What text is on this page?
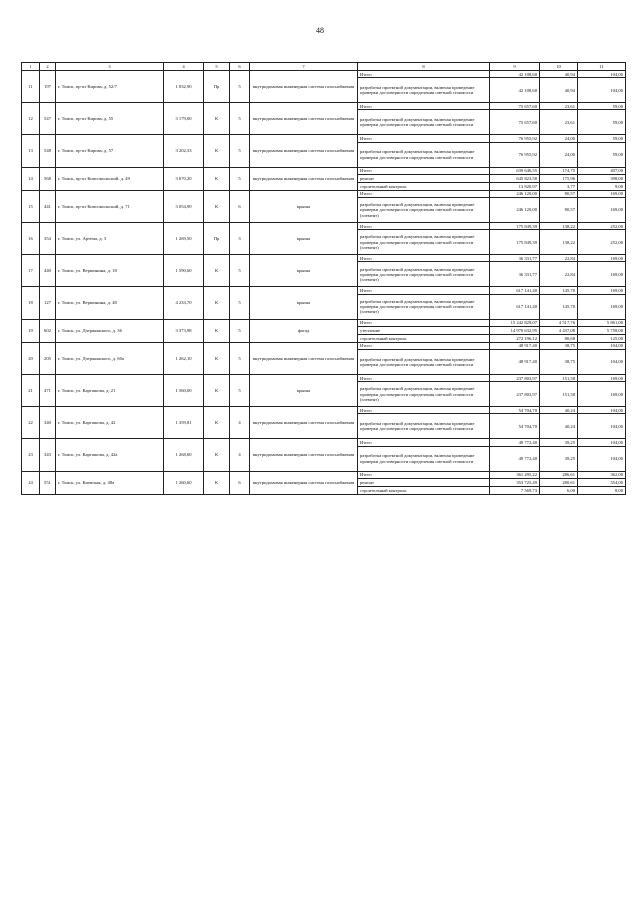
48
1	2	3	4	5	6	7	8	9	10	11
11	197	г. Томск, пр-кт Кирова, д. 52/7	1 032,90	Пр	5	внутридомовая инженерная система газоснабжения	Итого	42 108,60	40,94	104,00
							разработка проектной документации, включая проведение проверки достоверности определения сметной стоимости	42 108,60	40,94	104,00
12	547	г. Томск, пр-кт Кирова, д. 55	3 179,00	К	5	внутридомовая инженерная система газоснабжения	Итого	75 657,60	23,61	59,00
							разработка проектной документации, включая проведение проверки достоверности определения сметной стоимости	75 657,60	23,61	59,00
13	548	г. Томск, пр-кт Кирова, д. 57	3 202,33	К	5	внутридомовая инженерная система газоснабжения	Итого	76 955,92	24,00	59,00
							разработка проектной документации, включая проведение проверки достоверности определения сметной стоимости	76 955,92	24,00	59,00
14	568	г. Томск, пр-кт Комсомольский, д. 49	3 670,20	К	5	внутридомовая инженерная система газоснабжения	Итого	639 646,55	174,75	407,00
							ремонт	645 823,58	175,96	398,00
							строительный контроль	13 820,97	3,77	9,00
15	441	г. Томск, пр-кт Комсомольский, д. 71	3 054,90	К	6	крыша	Итого	246 120,00	80,57	169,00
							разработка проектной документации, включая проведение проверки достоверности определения сметной стоимости (элемент)	246 120,00	80,57	169,00
16	354	г. Томск, ул. Артема, д. 3	1 269,50	Пр	3	крыша	Итого	175 849,39	138,22	252,00
							разработка проектной документации, включая проведение проверки достоверности определения сметной стоимости (элемент)	175 849,39	138,22	252,00
17	440	г. Томск, ул. Вершинина, д. 18	1 590,60	К	5	крыша	Итого	36 331,77	22,84	169,00
							разработка проектной документации, включая проведение проверки достоверности определения сметной стоимости (элемент)	36 331,77	22,84	169,00
18	127	г. Томск, ул. Вершинина, д. 48	4 233,70	К	5	крыша	Итого	617 141,40	145,70	169,00
							разработка проектной документации, включая проведение проверки достоверности определения сметной стоимости (элемент)	617 141,40	145,70	169,00
19	602	г. Томск, ул. Дзержинского, д. 36	3 373,98	К	5	фасад	Итого	15 242 829,07	4 517,76	5 861,00
							утепление	14 970 632,95	4 437,08	5 758,00
							строительный контроль	272 196,12	80,68	125,00
20	205	г. Томск, ул. Дзержинского, д. 60а	1 262,10	К	5	внутридомовая инженерная система газоснабжения	Итого	48 917,40	38,75	104,00
							разработка проектной документации, включая проведение проверки достоверности определения сметной стоимости	48 917,40	38,75	104,00
21	471	г. Томск, ул. Карташова, д. 21	1 560,00	К	5	крыша	Итого	237 803,97	151,58	169,00
							разработка проектной документации, включая проведение проверки достоверности определения сметной стоимости (элемент)	237 803,97	151,58	169,00
22	340	г. Томск, ул. Карташова, д. 42	1 359,81	К	4	внутридомовая инженерная система газоснабжения	Итого	54 704,70	40,24	104,00
							разработка проектной документации, включая проведение проверки достоверности определения сметной стоимости	54 704,70	40,24	104,00
23	343	г. Томск, ул. Карташова, д. 42а	1 268,60	К	4	внутридомовая инженерная система газоснабжения	Итого	49 772,40	39,25	104,00
							разработка проектной документации, включая проведение проверки достоверности определения сметной стоимости	49 772,40	39,25	104,00
24	551	г. Томск, ул. Киевская, д. 48а	1 260,60	К	6	внутридомовая инженерная система газоснабжения	Итого	361 295,22	286,61	362,00
							ремонт	353 725,49	280,61	354,00
							строительный контроль	7 569,73	6,00	8,00
